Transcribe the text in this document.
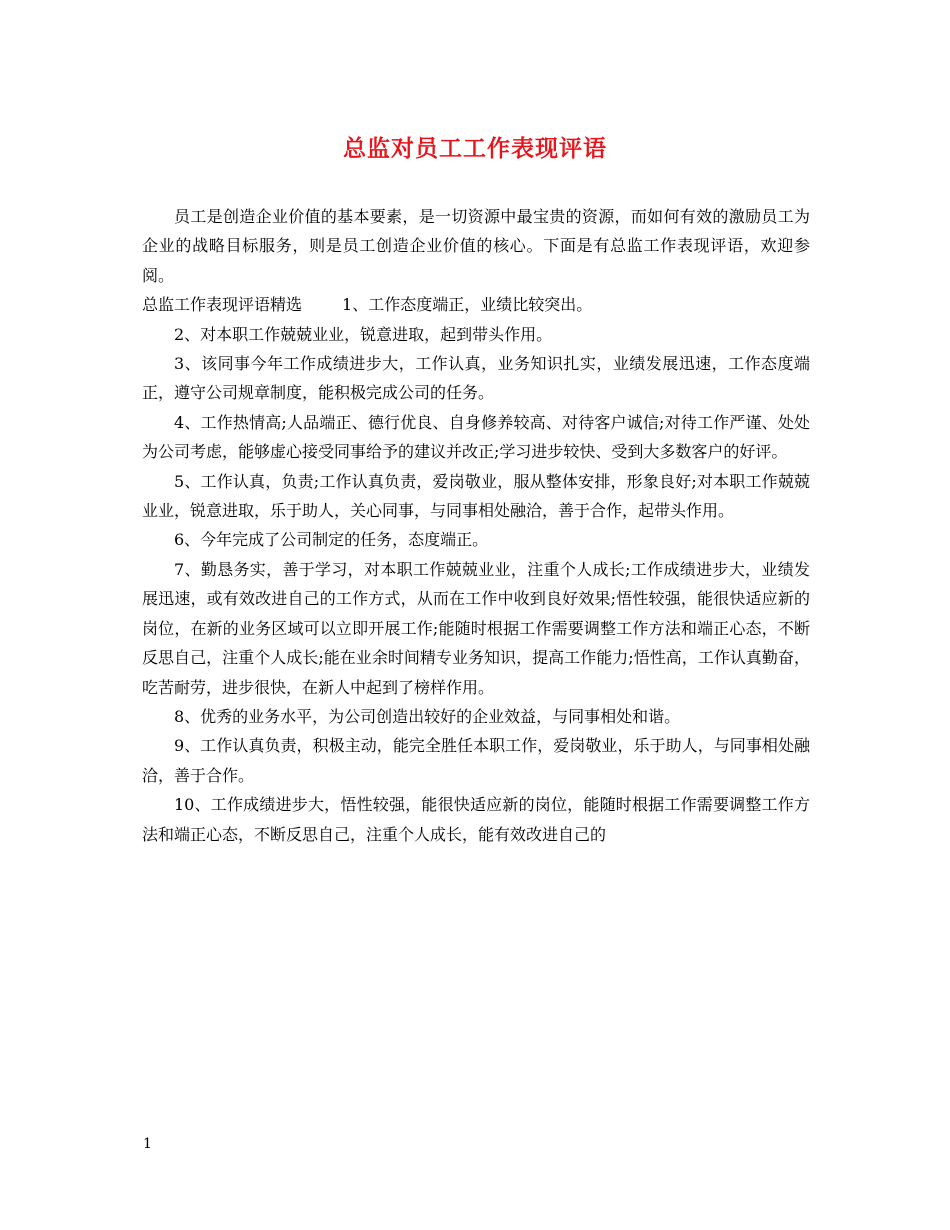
总监对员工工作表现评语

员工是创造企业价值的基本要素，是一切资源中最宝贵的资源，而如何有效的激励员工为企业的战略目标服务，则是员工创造企业价值的核心。下面是有总监工作表现评语，欢迎参阅。

总监工作表现评语精选	1、工作态度端正，业绩比较突出。

2、对本职工作兢兢业业，锐意进取，起到带头作用。

3、该同事今年工作成绩进步大，工作认真，业务知识扎实，业绩发展迅速，工作态度端正，遵守公司规章制度，能积极完成公司的任务。

4、工作热情高;人品端正、德行优良、自身修养较高、对待客户诚信;对待工作严谨、处处为公司考虑，能够虚心接受同事给予的建议并改正;学习进步较快、受到大多数客户的好评。

5、工作认真，负责;工作认真负责，爱岗敬业，服从整体安排，形象良好;对本职工作兢兢业业，锐意进取，乐于助人，关心同事，与同事相处融洽，善于合作，起带头作用。

6、今年完成了公司制定的任务，态度端正。

7、勤恳务实，善于学习，对本职工作兢兢业业，注重个人成长;工作成绩进步大，业绩发展迅速，或有效改进自己的工作方式，从而在工作中收到良好效果;悟性较强，能很快适应新的岗位，在新的业务区域可以立即开展工作;能随时根据工作需要调整工作方法和端正心态，不断反思自己，注重个人成长;能在业余时间精专业务知识，提高工作能力;悟性高，工作认真勤奋，吃苦耐劳，进步很快，在新人中起到了榜样作用。

8、优秀的业务水平，为公司创造出较好的企业效益，与同事相处和谐。

9、工作认真负责，积极主动，能完全胜任本职工作，爱岗敬业，乐于助人，与同事相处融洽，善于合作。

10、工作成绩进步大，悟性较强，能很快适应新的岗位，能随时根据工作需要调整工作方法和端正心态，不断反思自己，注重个人成长，能有效改进自己的

1
